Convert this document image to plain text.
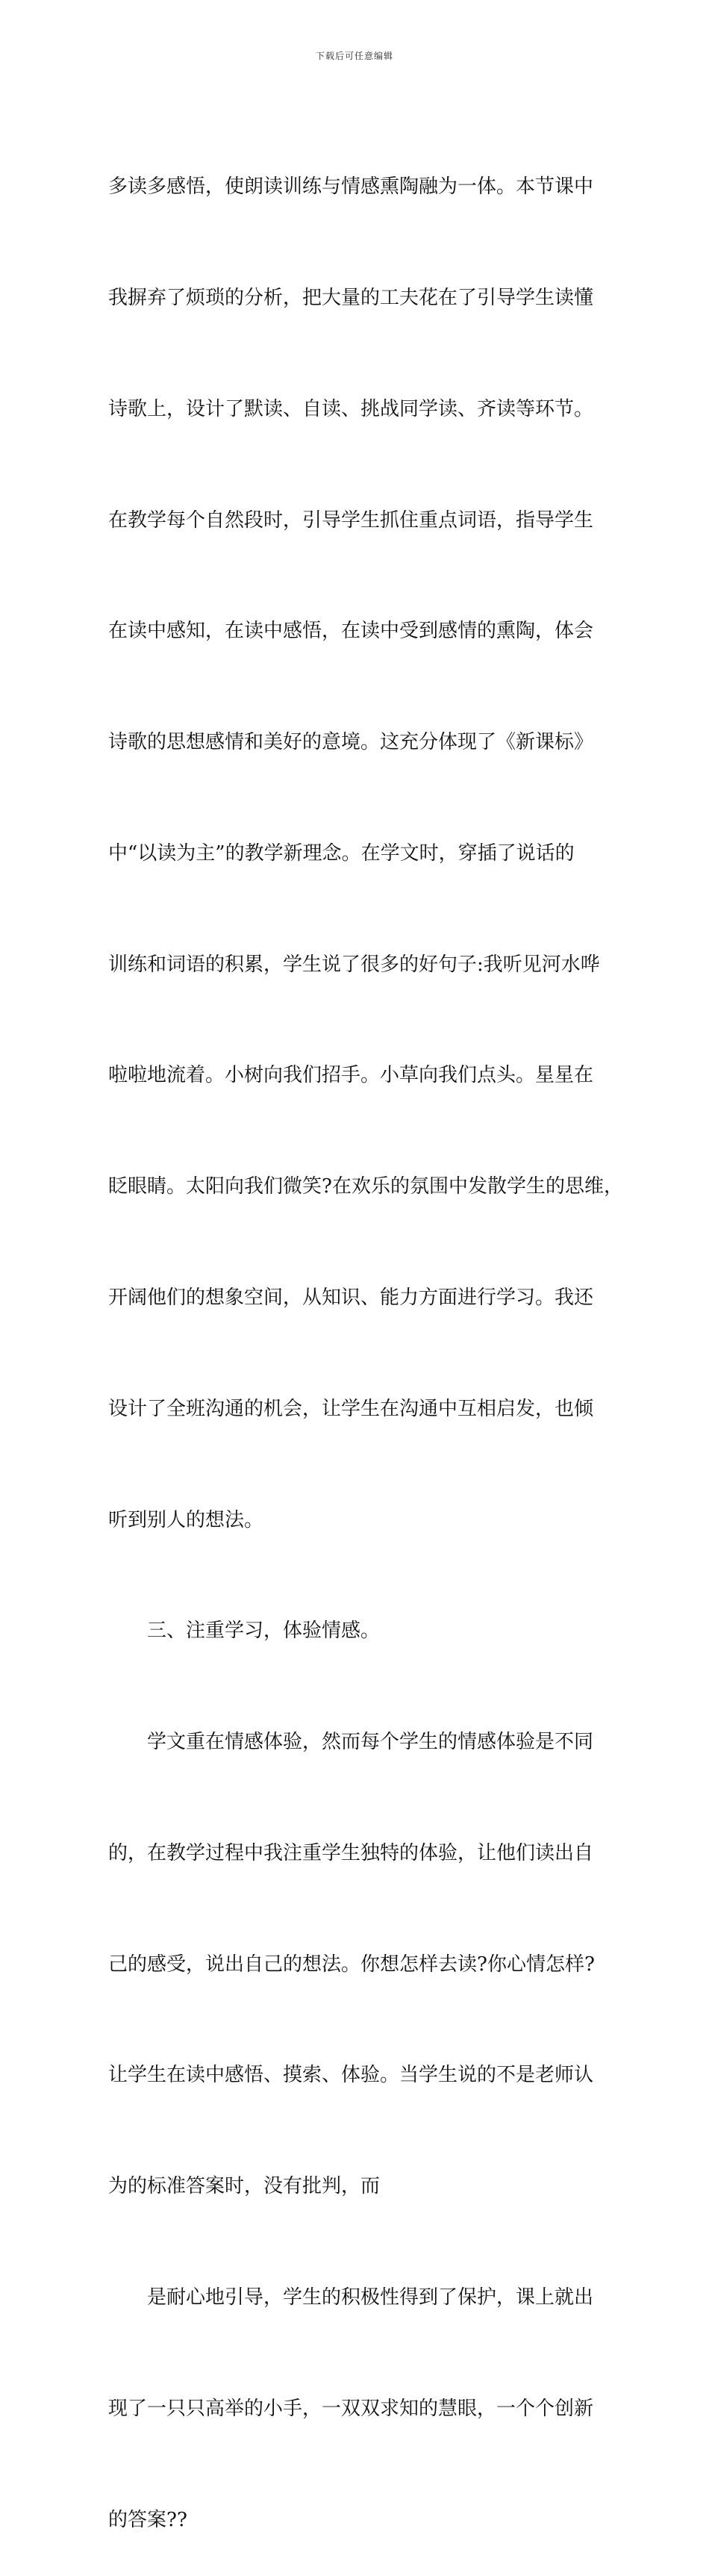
下载后可任意编辑

多读多感悟，使朗读训练与情感熏陶融为一体。本节课中

我摒弃了烦琐的分析，把大量的工夫花在了引导学生读懂

诗歌上，设计了默读、自读、挑战同学读、齐读等环节。

在教学每个自然段时，引导学生抓住重点词语，指导学生

在读中感知，在读中感悟，在读中受到感情的熏陶，体会

诗歌的思想感情和美好的意境。这充分体现了《新课标》

中“以读为主”的教学新理念。在学文时，穿插了说话的

训练和词语的积累，学生说了很多的好句子:我听见河水哗

啦啦地流着。小树向我们招手。小草向我们点头。星星在

眨眼睛。太阳向我们微笑?在欢乐的氛围中发散学生的思维，

开阔他们的想象空间，从知识、能力方面进行学习。我还

设计了全班沟通的机会，让学生在沟通中互相启发，也倾

听到别人的想法。

三、注重学习，体验情感。

学文重在情感体验，然而每个学生的情感体验是不同

的，在教学过程中我注重学生独特的体验，让他们读出自

己的感受，说出自己的想法。你想怎样去读?你心情怎样?

让学生在读中感悟、摸索、体验。当学生说的不是老师认

为的标准答案时，没有批判，而

是耐心地引导，学生的积极性得到了保护，课上就出

现了一只只高举的小手，一双双求知的慧眼，一个个创新

的答案??
